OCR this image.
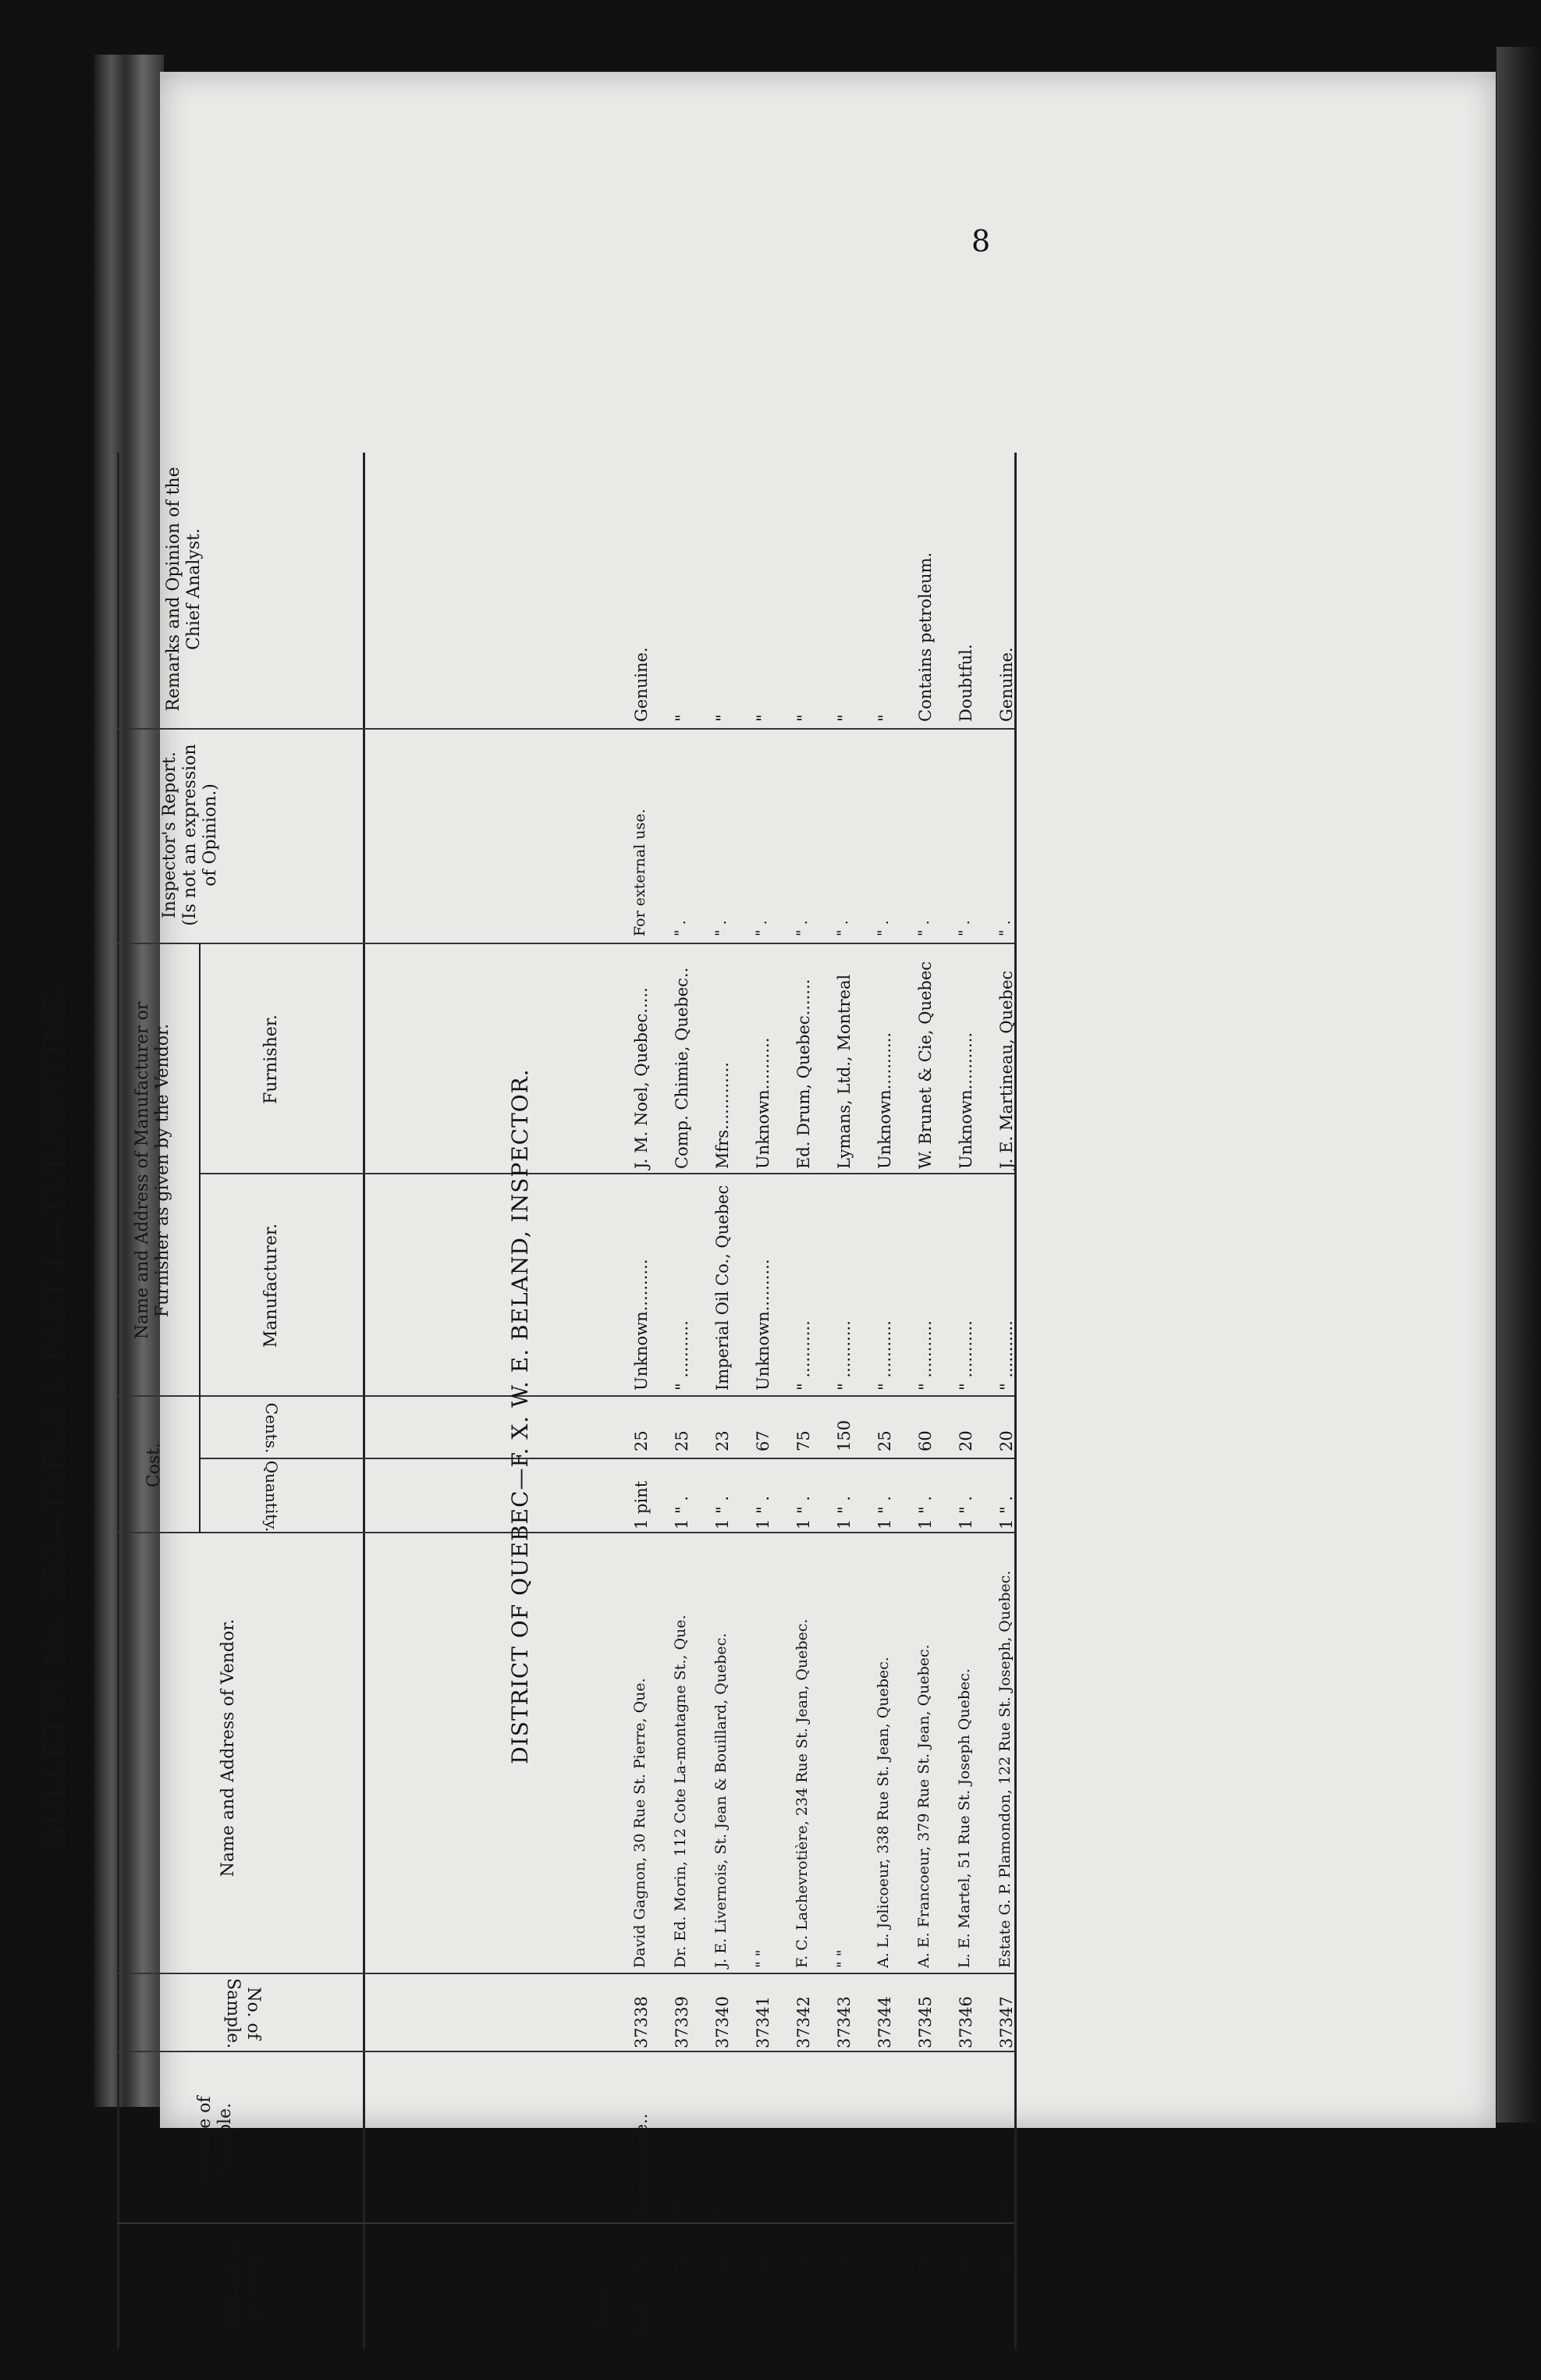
8
BULLETIN No. 253—TABLE I, PART I.—TURPENTINE.
Date of Collection.
Nature of Sample.
No. of Sample.
Name and Address of Vendor.
Cost.	Quantity.
Cents.
Name and Address of Manufacturer or Furnisher as given by the Vendor.	Manufacturer.
Furnisher.
Inspector's Report. (Is not an expression of Opinion.)
Remarks and Opinion of the Chief Analyst.
DISTRICT OF QUEBEC—F. X. W. E. BELAND, INSPECTOR.
1912. Feb.
5
Turpentine..
37338
David Gagnon, 30 Rue St. Pierre, Que.
1 pint
25
Unknown..........
J. M. Noel, Quebec.....
For external use.
Genuine.
"
5
" "
37339
Dr. Ed. Morin, 112 Cote La-montagne St., Que.
1 " .
25
" ...........
Comp. Chimie, Quebec..
" .
"
"
5
" "
37340
J. E. Livernois, St. Jean & Bouillard, Quebec.
1 " .
23
Imperial Oil Co., Quebec
Mfrs.............
" .
"
"
5
" "
37341
" "
1 " .
67
Unknown..........
Unknown..........
" .
"
"
5
" "
37342
F. C. Lachevrotière, 234 Rue St. Jean, Quebec.
1 " .
75
" ...........
Ed. Drum, Quebec.......
" .
"
"
5
" "
37343
" "
1 " .
150
" ...........
Lymans, Ltd., Montreal
" .
"
"
5
" "
37344
A. L. Jolicoeur, 338 Rue St. Jean, Quebec.
1 " .
25
" ...........
Unknown...........
" .
"
"
5
" "
37345
A. E. Francoeur, 379 Rue St. Jean, Quebec.
1 " .
60
" ...........
W. Brunet & Cie, Quebec
" .
Contains petroleum.
"
8
" "
37346
L. E. Martel, 51 Rue St. Joseph Quebec.
1 " .
20
" ...........
Unknown...........
" .
Doubtful.
"
8
" "
37347
Estate G. P. Plamondon, 122 Rue St. Joseph, Quebec.
1 " .
20
" ...........
J. E. Martineau, Quebec
" .
Genuine.
